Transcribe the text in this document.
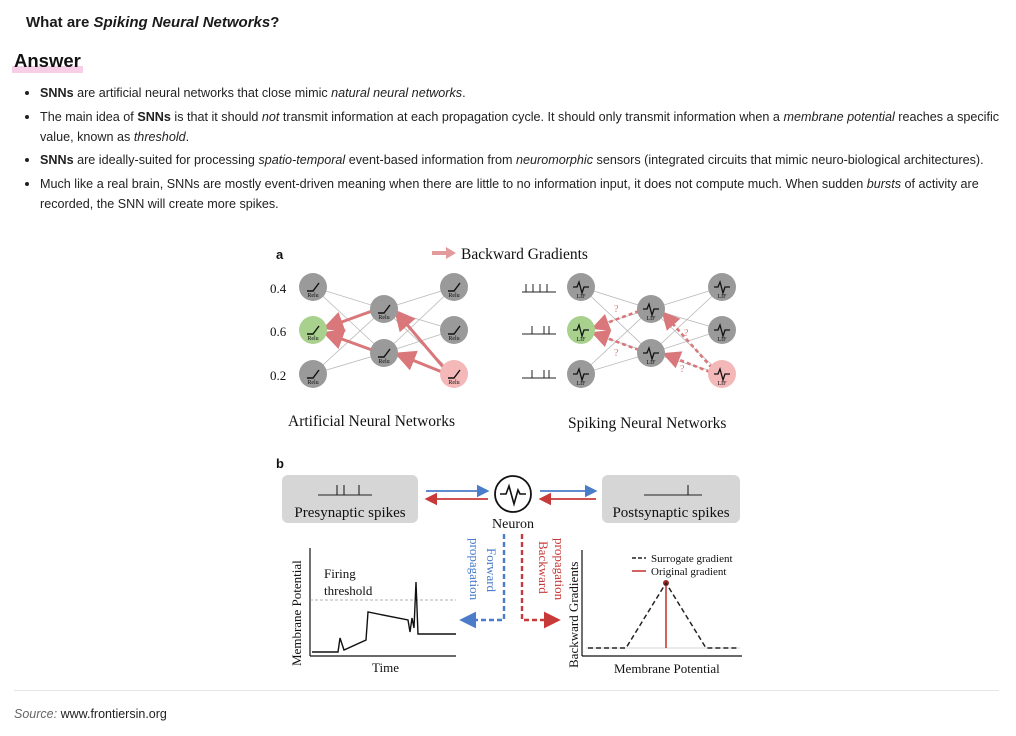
What are Spiking Neural Networks?
Answer
• SNNs are artificial neural networks that close mimic natural neural networks.
• The main idea of SNNs is that it should not transmit information at each propagation cycle. It should only transmit information when a membrane potential reaches a specific value, known as threshold.
• SNNs are ideally-suited for processing spatio-temporal event-based information from neuromorphic sensors (integrated circuits that mimic neuro-biological architectures).
• Much like a real brain, SNNs are mostly event-driven meaning when there are little to no information input, it does not compute much. When sudden bursts of activity are recorded, the SNN will create more spikes.
a	Backward Gradients
0.4
0.6
0.2
Relu
Relu
Relu
Relu
Relu
Relu
Relu
Relu
?
?
?
?
LIF
LIF
LIF
LIF
LIF
LIF
LIF
LIF
Artificial Neural Networks	Spiking Neural Networks
b
Presynaptic spikes	Postsynaptic spikes
Neuron
Forward
propagation	Backward propagation
Firing
threshold
Membrane Potential
Time
Surrogate gradient
Original gradient
Backward Gradients
Membrane Potential
Source: www.frontiersin.org
